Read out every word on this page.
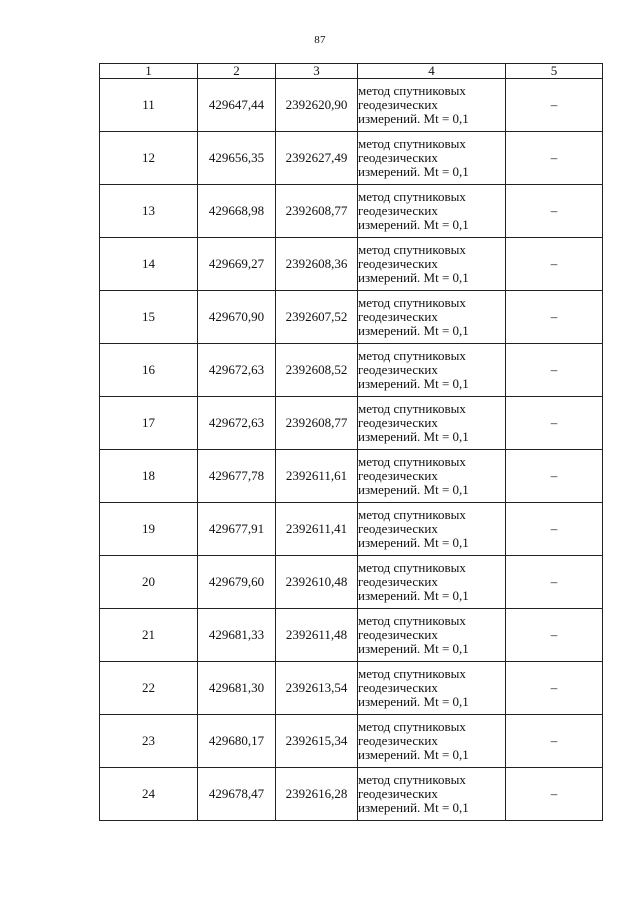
87
1	2	3	4	5
11	429647,44	2392620,90	метод спутниковых
геодезических
измерений. Mt = 0,1	–
12	429656,35	2392627,49	метод спутниковых
геодезических
измерений. Mt = 0,1	–
13	429668,98	2392608,77	метод спутниковых
геодезических
измерений. Mt = 0,1	–
14	429669,27	2392608,36	метод спутниковых
геодезических
измерений. Mt = 0,1	–
15	429670,90	2392607,52	метод спутниковых
геодезических
измерений. Mt = 0,1	–
16	429672,63	2392608,52	метод спутниковых
геодезических
измерений. Mt = 0,1	–
17	429672,63	2392608,77	метод спутниковых
геодезических
измерений. Mt = 0,1	–
18	429677,78	2392611,61	метод спутниковых
геодезических
измерений. Mt = 0,1	–
19	429677,91	2392611,41	метод спутниковых
геодезических
измерений. Mt = 0,1	–
20	429679,60	2392610,48	метод спутниковых
геодезических
измерений. Mt = 0,1	–
21	429681,33	2392611,48	метод спутниковых
геодезических
измерений. Mt = 0,1	–
22	429681,30	2392613,54	метод спутниковых
геодезических
измерений. Mt = 0,1	–
23	429680,17	2392615,34	метод спутниковых
геодезических
измерений. Mt = 0,1	–
24	429678,47	2392616,28	метод спутниковых
геодезических
измерений. Mt = 0,1	–
